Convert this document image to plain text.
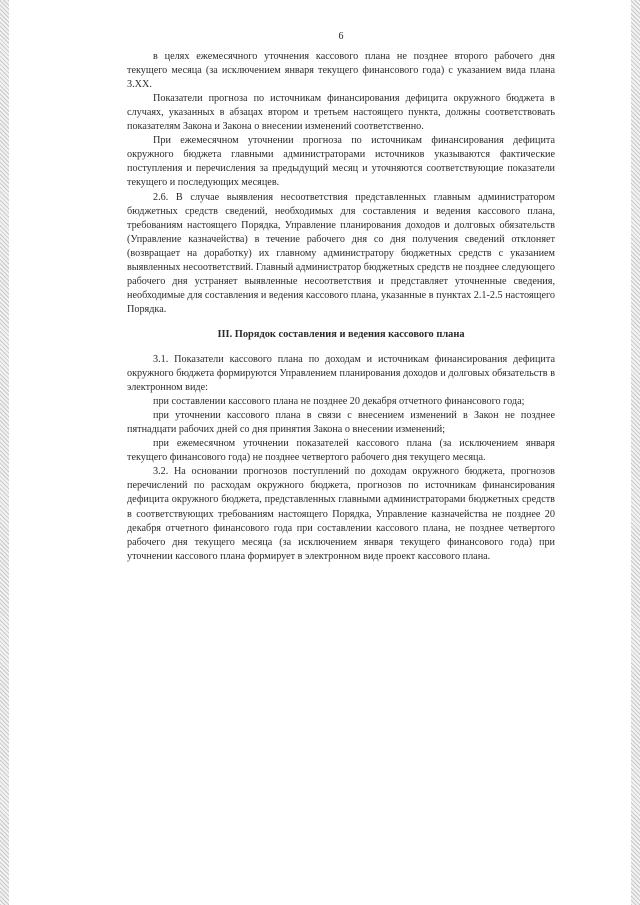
6

в целях ежемесячного уточнения кассового плана не позднее второго рабочего дня текущего месяца (за исключением января текущего финансового года) с указанием вида плана 3.XX.

Показатели прогноза по источникам финансирования дефицита окружного бюджета в случаях, указанных в абзацах втором и третьем настоящего пункта, должны соответствовать показателям Закона и Закона о внесении изменений соответственно.

При ежемесячном уточнении прогноза по источникам финансирования дефицита окружного бюджета главными администраторами источников указываются фактические поступления и перечисления за предыдущий месяц и уточняются соответствующие показатели текущего и последующих месяцев.

2.6. В случае выявления несоответствия представленных главным администратором бюджетных средств сведений, необходимых для составления и ведения кассового плана, требованиям настоящего Порядка, Управление планирования доходов и долговых обязательств (Управление казначейства) в течение рабочего дня со дня получения сведений отклоняет (возвращает на доработку) их главному администратору бюджетных средств с указанием выявленных несоответствий. Главный администратор бюджетных средств не позднее следующего рабочего дня устраняет выявленные несоответствия и представляет уточненные сведения, необходимые для составления и ведения кассового плана, указанные в пунктах 2.1-2.5 настоящего Порядка.

III. Порядок составления и ведения кассового плана

3.1. Показатели кассового плана по доходам и источникам финансирования дефицита окружного бюджета формируются Управлением планирования доходов и долговых обязательств в электронном виде:

при составлении кассового плана не позднее 20 декабря отчетного финансового года;

при уточнении кассового плана в связи с внесением изменений в Закон не позднее пятнадцати рабочих дней со дня принятия Закона о внесении изменений;

при ежемесячном уточнении показателей кассового плана (за исключением января текущего финансового года) не позднее четвертого рабочего дня текущего месяца.

3.2. На основании прогнозов поступлений по доходам окружного бюджета, прогнозов перечислений по расходам окружного бюджета, прогнозов по источникам финансирования дефицита окружного бюджета, представленных главными администраторами бюджетных средств в соответствующих требованиям настоящего Порядка, Управление казначейства не позднее 20 декабря отчетного финансового года при составлении кассового плана, не позднее четвертого рабочего дня текущего месяца (за исключением января текущего финансового года) при уточнении кассового плана формирует в электронном виде проект кассового плана.
